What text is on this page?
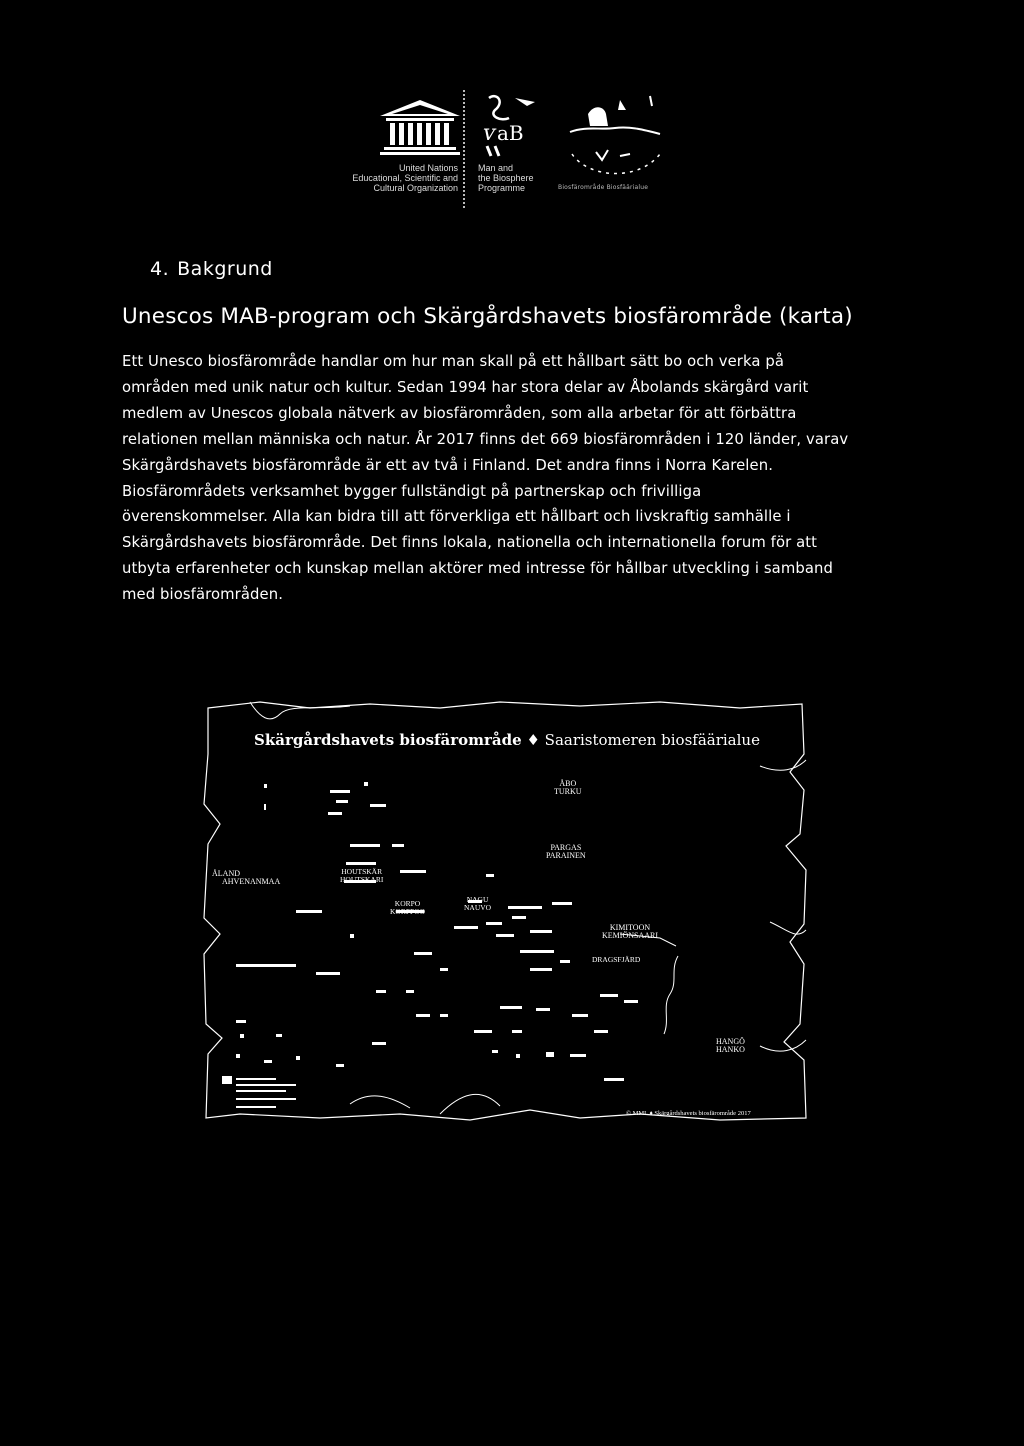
United Nations
Educational, Scientific and
Cultural Organization
ᴠ aB
Man and
the Biosphere
Programme	Biosfärområde Biosfäärialue
4. Bakgrund
Unescos MAB-program och Skärgårdshavets biosfärområde (karta)

Ett Unesco biosfärområde handlar om hur man skall på ett hållbart sätt bo och verka på
områden med unik natur och kultur. Sedan 1994 har stora delar av Åbolands skärgård varit
medlem av Unescos globala nätverk av biosfärområden, som alla arbetar för att förbättra
relationen mellan människa och natur. År 2017 finns det 669 biosfärområden i 120 länder, varav
Skärgårdshavets biosfärområde är ett av två i Finland. Det andra finns i Norra Karelen.
Biosfärområdets verksamhet bygger fullständigt på partnerskap och frivilliga
överenskommelser. Alla kan bidra till att förverkliga ett hållbart och livskraftig samhälle i
Skärgårdshavets biosfärområde. Det finns lokala, nationella och internationella forum för att
utbyta erfarenheter och kunskap mellan aktörer med intresse för hållbar utveckling i samband
med biosfärområden.

ÅBO
TURKU
PARGAS
PARAINEN
ÅLAND
AHVENANMAA
HOUTSKÄR
HOUTSKARI
KORPO
KORPPOO
NAGU
NAUVO
KIMITOON
KEMIÖNSAARI
DRAGSFJÄRD
HANGÖ
HANKO
© MML ♦ Skärgårdshavets biosfärområde 2017
Skärgårdshavets biosfärområde ♦ Saaristomeren biosfäärialue
